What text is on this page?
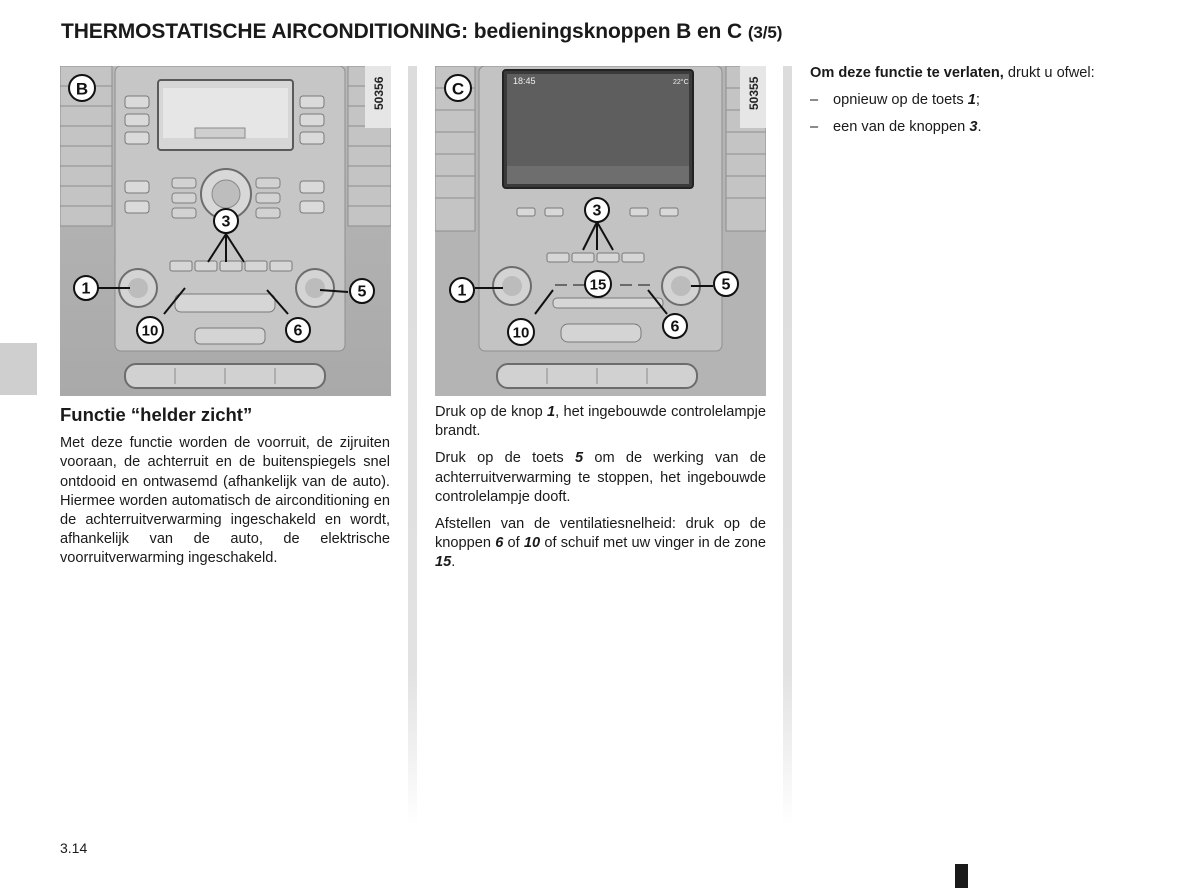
THERMOSTATISCHE AIRCONDITIONING: bedieningsknoppen B en C (3/5)
50356
B
3
1	5
10	6
18:45	22°C	50355
C
3
1	5
15
10	6
Functie “helder zicht”

Met deze functie worden de voorruit, de zijruiten vooraan, de achterruit en de buitenspiegels snel ontdooid en ontwasemd (afhankelijk van de auto). Hiermee worden automatisch de airconditioning en de achterruitverwarming ingeschakeld en wordt, afhankelijk van de auto, de elektrische voorruitverwarming ingeschakeld.

Druk op de knop 1, het ingebouwde controlelampje brandt.

Druk op de toets 5 om de werking van de achterruitverwarming te stoppen, het ingebouwde controlelampje dooft.

Afstellen van de ventilatiesnelheid: druk op de knoppen 6 of 10 of schuif met uw vinger in de zone 15.

Om deze functie te verlaten, drukt u ofwel:

– opnieuw op de toets 1;
– een van de knoppen 3.
3.14
